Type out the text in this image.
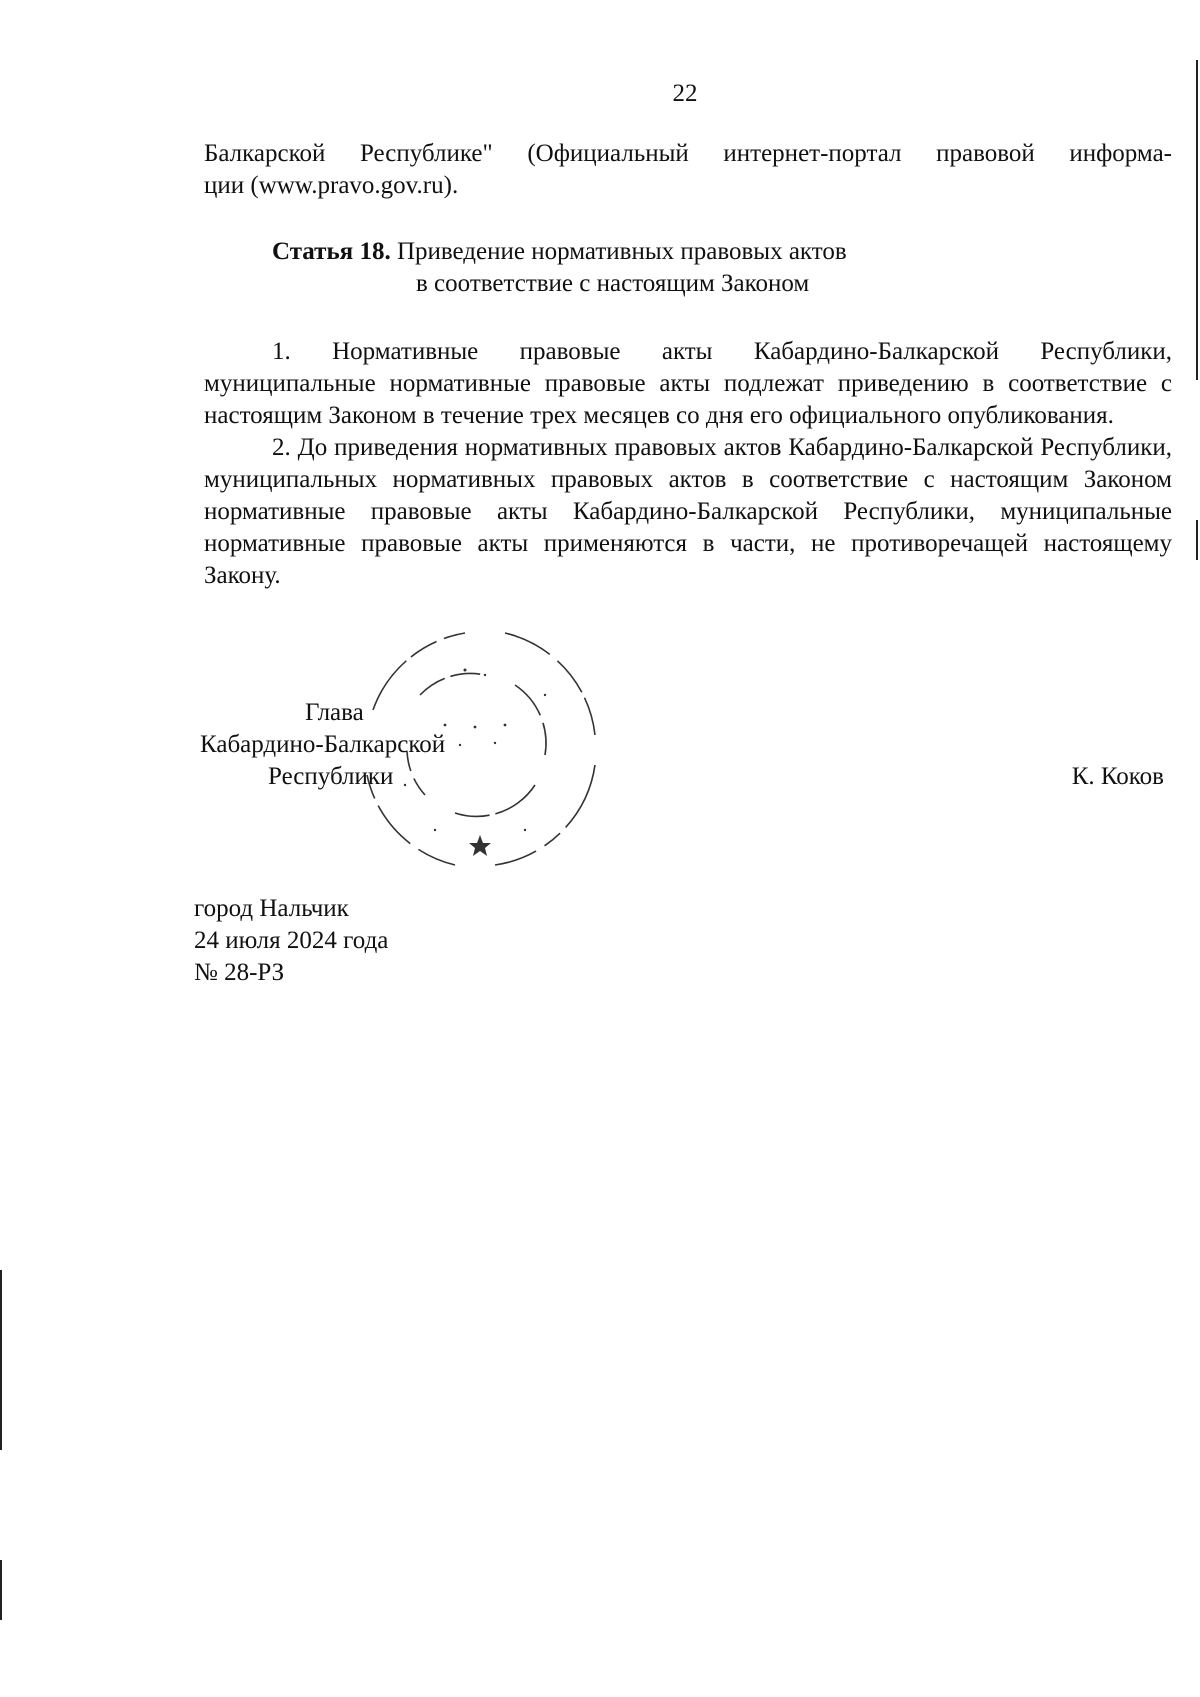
22
Балкарской Республике" (Официальный интернет-портал правовой информа-
ции (www.pravo.gov.ru).
Статья 18. Приведение нормативных правовых актов
в соответствие с настоящим Законом

1. Нормативные правовые акты Кабардино-Балкарской Республики, муниципальные нормативные правовые акты подлежат приведению в соответствие с настоящим Законом в течение трех месяцев со дня его официального опубликования.

2. До приведения нормативных правовых актов Кабардино-Балкарской Республики, муниципальных нормативных правовых актов в соответствие с настоящим Законом нормативные правовые акты Кабардино-Балкарской Республики, муниципальные нормативные правовые акты применяются в части, не противоречащей настоящему Закону.

Глава
Кабардино-Балкарской
Республики	К. Коков
город Нальчик
24 июля 2024 года
№ 28-РЗ
